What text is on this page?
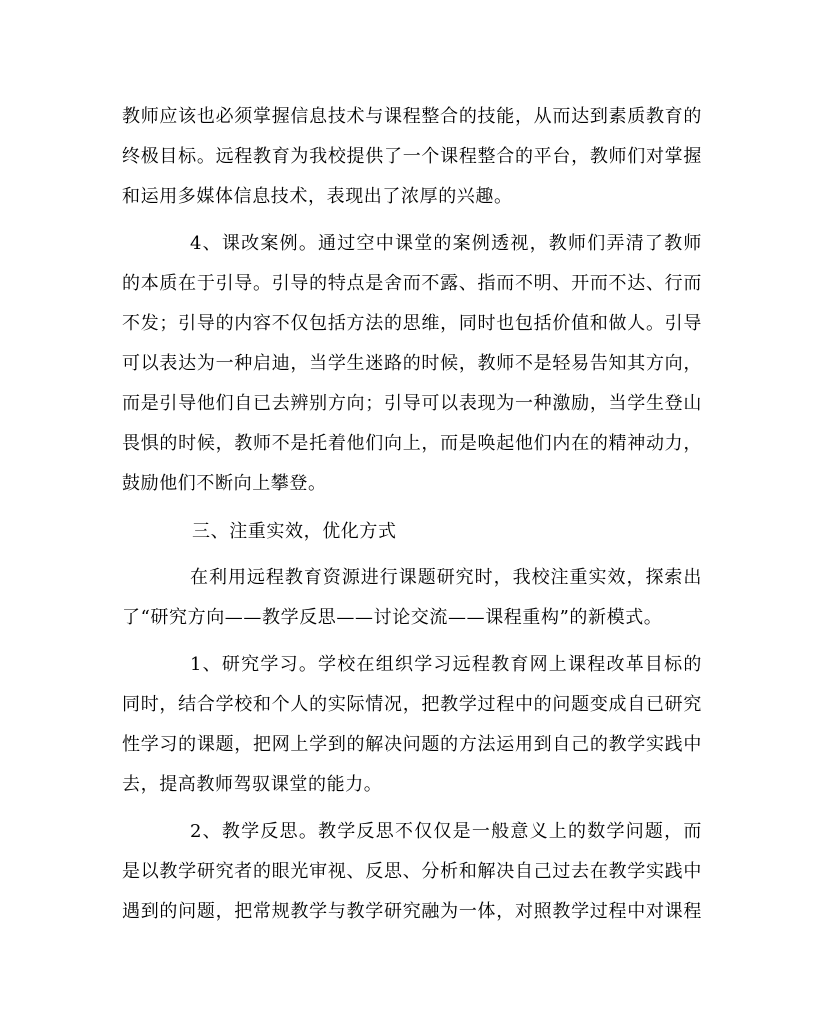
教师应该也必须掌握信息技术与课程整合的技能，从而达到素质教育的
终极目标。远程教育为我校提供了一个课程整合的平台，教师们对掌握
和运用多媒体信息技术，表现出了浓厚的兴趣。
4、课改案例。通过空中课堂的案例透视，教师们弄清了教师
的本质在于引导。引导的特点是舍而不露、指而不明、开而不达、行而
不发；引导的内容不仅包括方法的思维，同时也包括价值和做人。引导
可以表达为一种启迪，当学生迷路的时候，教师不是轻易告知其方向，
而是引导他们自已去辨别方向；引导可以表现为一种激励，当学生登山
畏惧的时候，教师不是托着他们向上，而是唤起他们内在的精神动力，
鼓励他们不断向上攀登。
三、注重实效，优化方式
在利用远程教育资源进行课题研究时，我校注重实效，探索出
了“研究方向——教学反思——讨论交流——课程重构”的新模式。
1、研究学习。学校在组织学习远程教育网上课程改革目标的
同时，结合学校和个人的实际情况，把教学过程中的问题变成自已研究
性学习的课题，把网上学到的解决问题的方法运用到自己的教学实践中
去，提高教师驾驭课堂的能力。
2、教学反思。教学反思不仅仅是一般意义上的数学问题，而
是以教学研究者的眼光审视、反思、分析和解决自己过去在教学实践中
遇到的问题，把常规教学与教学研究融为一体，对照教学过程中对课程
